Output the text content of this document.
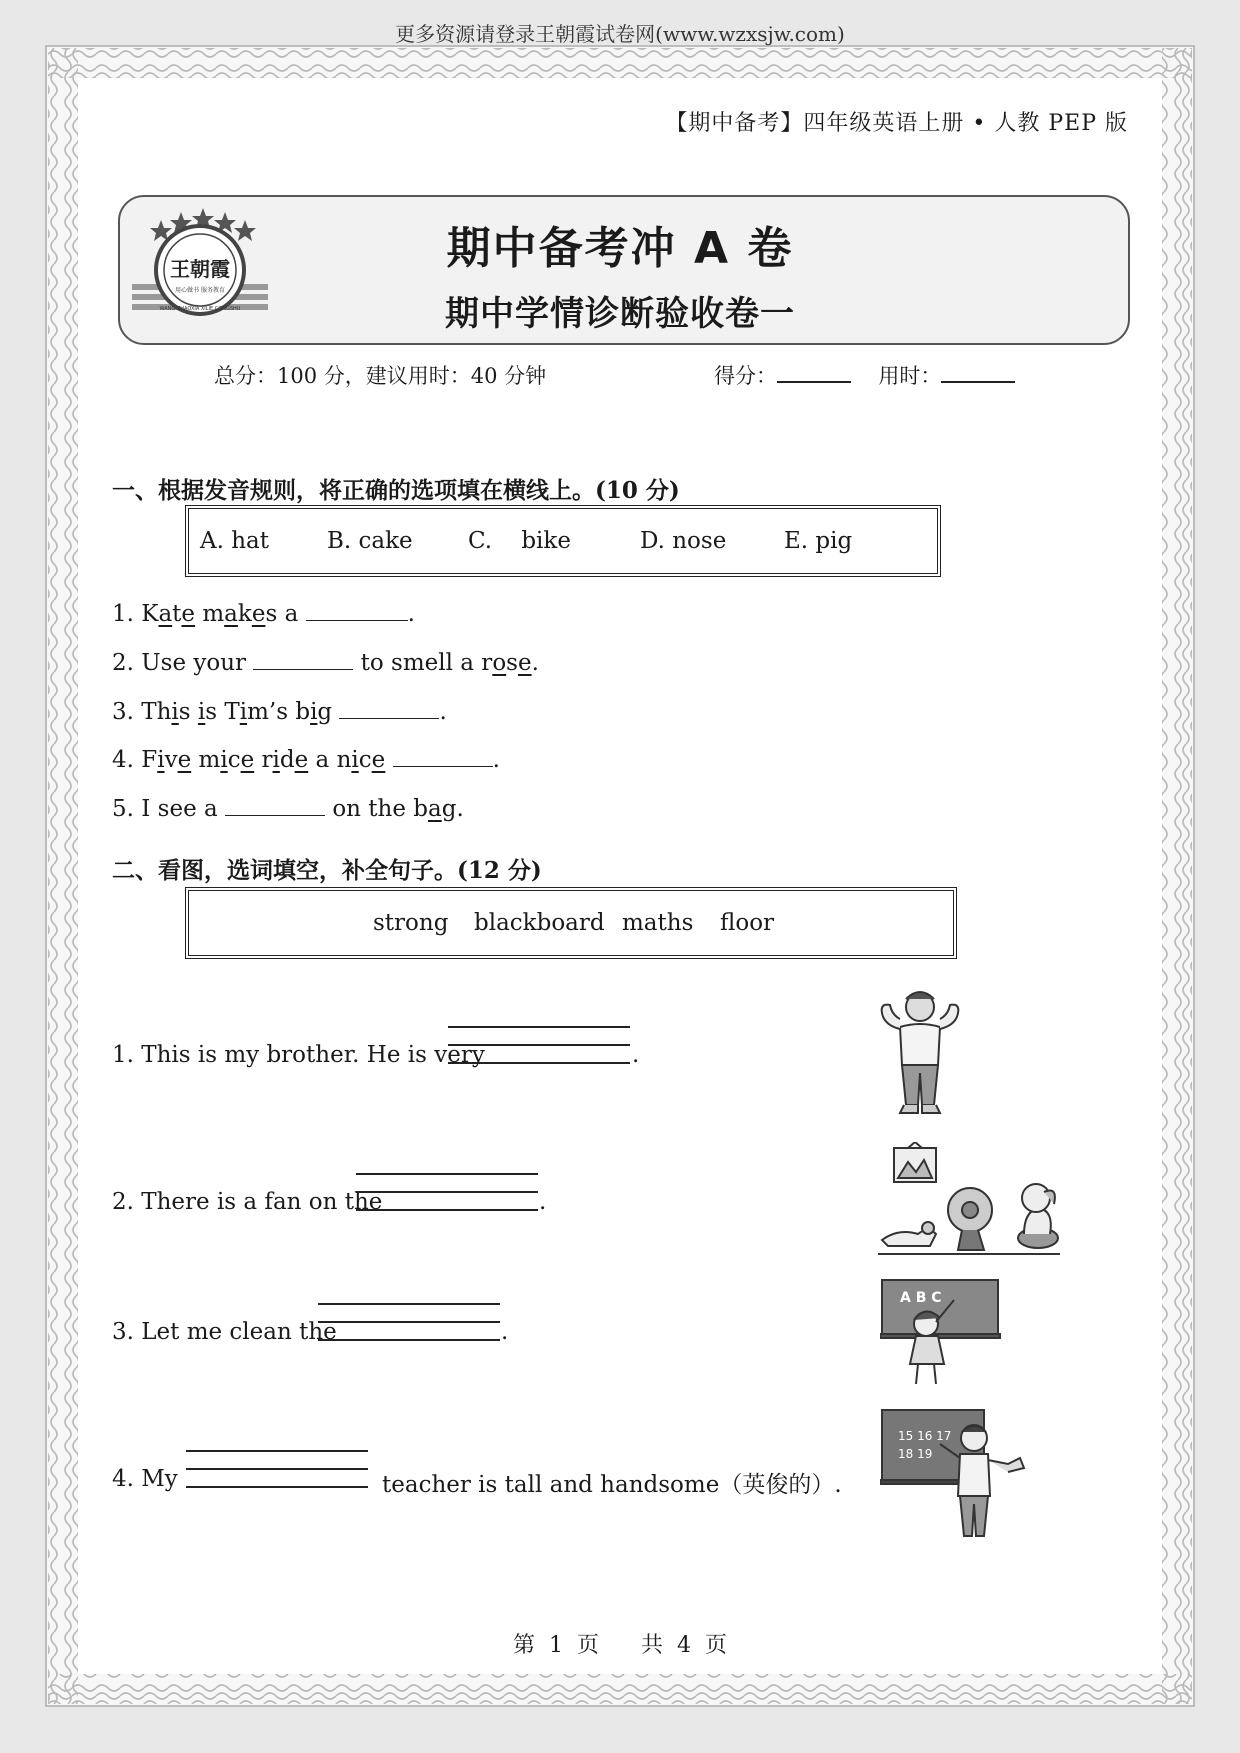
更多资源请登录王朝霞试卷网(www.wzxsjw.com)
【期中备考】四年级英语上册 • 人教 PEP 版
王朝霞
用心做书 服务教育
WANG ZHAOXIA XILIE CONGSHU
期中备考冲 A 卷
期中学情诊断验收卷一
总分：100 分，建议用时：40 分钟	得分：	用时：
一、根据发音规则，将正确的选项填在横线上。(10 分)
A. hat	B. cake C.    bike	D. nose	E. pig
1. Kate makes a	.
2. Use your	to smell a rose.
3. This is Tim’s big	.
4. Five mice ride a nice	.
5. I see a	on the bag.
二、看图，选词填空，补全句子。(12 分)
strong blackboard maths floor
1. This is my brother. He is very	.
2. There is a fan on the	.
3. Let me clean the	.
4. My	teacher is tall and handsome（英俊的）.
A B C
15 16 17
18 19
第  1  页      共  4  页
